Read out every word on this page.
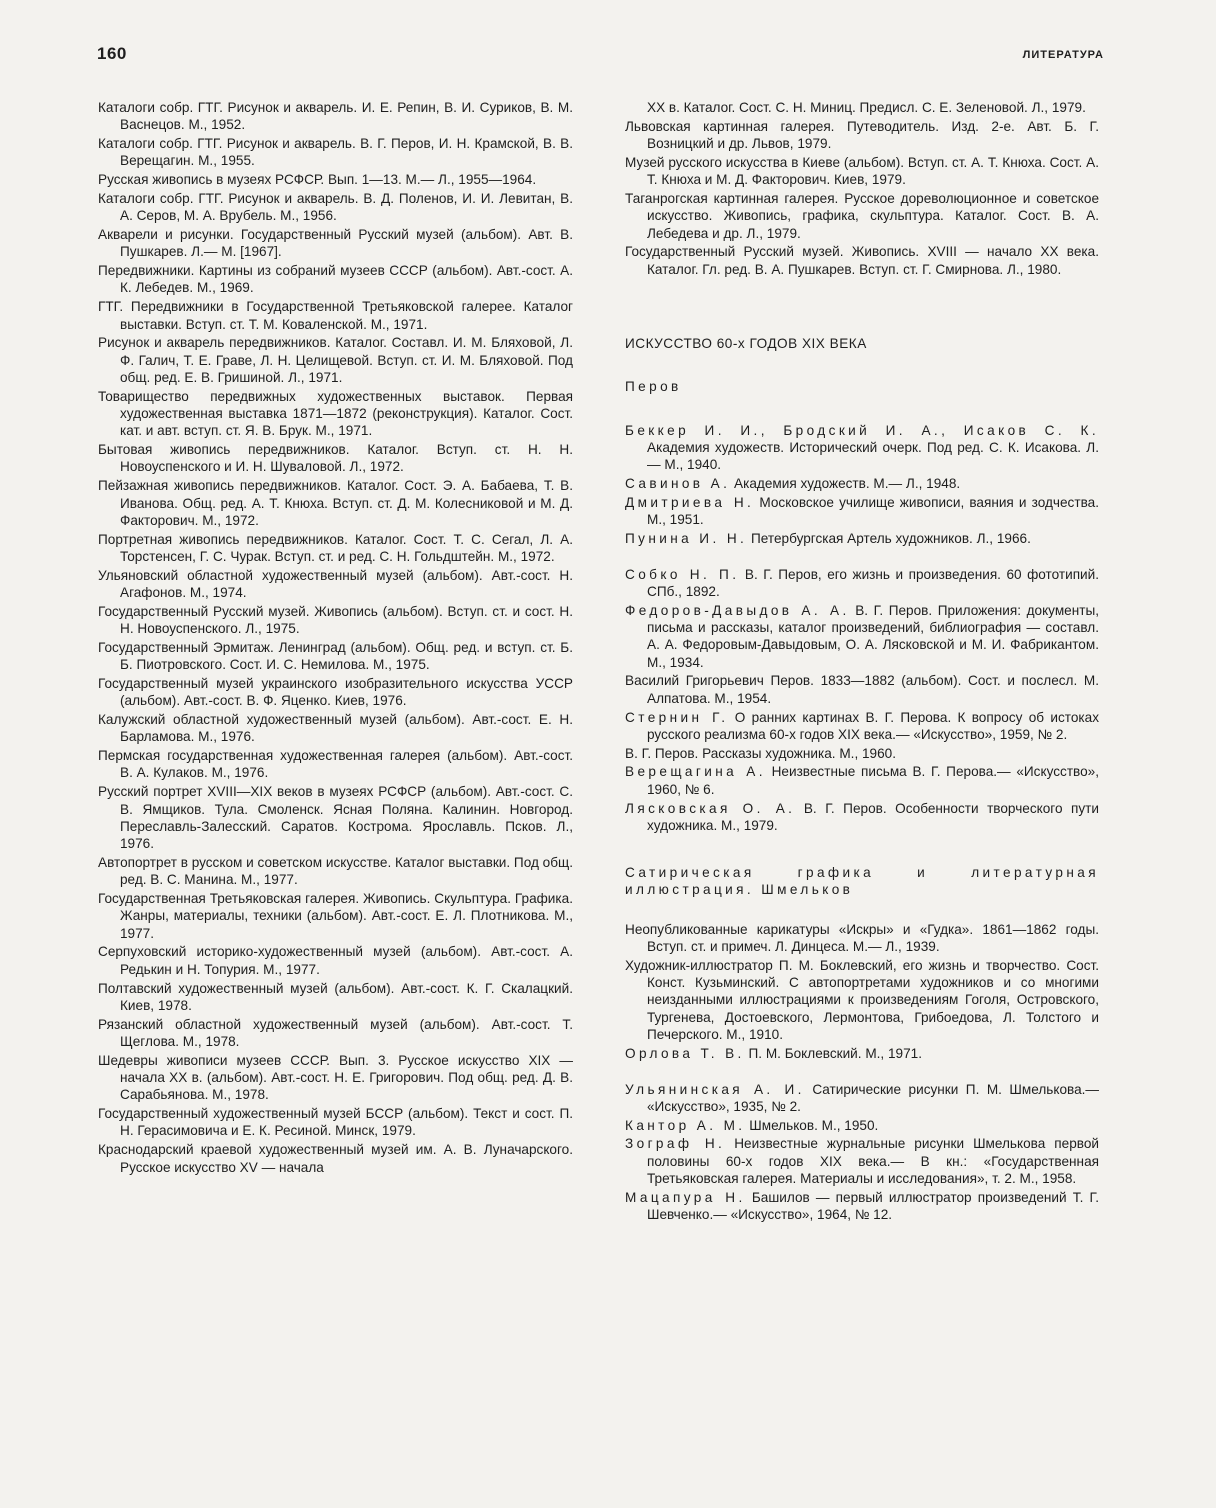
160	ЛИТЕРАТУРА

Каталоги собр. ГТГ. Рисунок и акварель. И. Е. Репин, В. И. Суриков, В. М. Васнецов. М., 1952.

Каталоги собр. ГТГ. Рисунок и акварель. В. Г. Перов, И. Н. Крамской, В. В. Верещагин. М., 1955.

Русская живопись в музеях РСФСР. Вып. 1—13. М.— Л., 1955—1964.

Каталоги собр. ГТГ. Рисунок и акварель. В. Д. Поленов, И. И. Левитан, В. А. Серов, М. А. Врубель. М., 1956.

Акварели и рисунки. Государственный Русский музей (альбом). Авт. В. Пушкарев. Л.— М. [1967].

Передвижники. Картины из собраний музеев СССР (альбом). Авт.-сост. А. К. Лебедев. М., 1969.

ГТГ. Передвижники в Государственной Третьяковской галерее. Каталог выставки. Вступ. ст. Т. М. Коваленской. М., 1971.

Рисунок и акварель передвижников. Каталог. Составл. И. М. Бляховой, Л. Ф. Галич, Т. Е. Граве, Л. Н. Целищевой. Вступ. ст. И. М. Бляховой. Под общ. ред. Е. В. Гришиной. Л., 1971.

Товарищество передвижных художественных выставок. Первая художественная выставка 1871—1872 (реконструкция). Каталог. Сост. кат. и авт. вступ. ст. Я. В. Брук. М., 1971.

Бытовая живопись передвижников. Каталог. Вступ. ст. Н. Н. Новоуспенского и И. Н. Шуваловой. Л., 1972.

Пейзажная живопись передвижников. Каталог. Сост. Э. А. Бабаева, Т. В. Иванова. Общ. ред. А. Т. Кнюха. Вступ. ст. Д. М. Колесниковой и М. Д. Факторович. М., 1972.

Портретная живопись передвижников. Каталог. Сост. Т. С. Сегал, Л. А. Торстенсен, Г. С. Чурак. Вступ. ст. и ред. С. Н. Гольдштейн. М., 1972.

Ульяновский областной художественный музей (альбом). Авт.-сост. Н. Агафонов. М., 1974.

Государственный Русский музей. Живопись (альбом). Вступ. ст. и сост. Н. Н. Новоуспенского. Л., 1975.

Государственный Эрмитаж. Ленинград (альбом). Общ. ред. и вступ. ст. Б. Б. Пиотровского. Сост. И. С. Немилова. М., 1975.

Государственный музей украинского изобразительного искусства УССР (альбом). Авт.-сост. В. Ф. Яценко. Киев, 1976.

Калужский областной художественный музей (альбом). Авт.-сост. Е. Н. Барламова. М., 1976.

Пермская государственная художественная галерея (альбом). Авт.-сост. В. А. Кулаков. М., 1976.

Русский портрет XVIII—XIX веков в музеях РСФСР (альбом). Авт.-сост. С. В. Ямщиков. Тула. Смоленск. Ясная Поляна. Калинин. Новгород. Переславль-Залесский. Саратов. Кострома. Ярославль. Псков. Л., 1976.

Автопортрет в русском и советском искусстве. Каталог выставки. Под общ. ред. В. С. Манина. М., 1977.

Государственная Третьяковская галерея. Живопись. Скульптура. Графика. Жанры, материалы, техники (альбом). Авт.-сост. Е. Л. Плотникова. М., 1977.

Серпуховский историко-художественный музей (альбом). Авт.-сост. А. Редькин и Н. Топурия. М., 1977.

Полтавский художественный музей (альбом). Авт.-сост. К. Г. Скалацкий. Киев, 1978.

Рязанский областной художественный музей (альбом). Авт.-сост. Т. Щеглова. М., 1978.

Шедевры живописи музеев СССР. Вып. 3. Русское искусство XIX — начала XX в. (альбом). Авт.-сост. Н. Е. Григорович. Под общ. ред. Д. В. Сарабьянова. М., 1978.

Государственный художественный музей БССР (альбом). Текст и сост. П. Н. Герасимовича и Е. К. Ресиной. Минск, 1979.

Краснодарский краевой художественный музей им. А. В. Луначарского. Русское искусство XV — начала

XX в. Каталог. Сост. С. Н. Миниц. Предисл. С. Е. Зеленовой. Л., 1979.

Львовская картинная галерея. Путеводитель. Изд. 2-е. Авт. Б. Г. Возницкий и др. Львов, 1979.

Музей русского искусства в Киеве (альбом). Вступ. ст. А. Т. Кнюха. Сост. А. Т. Кнюха и М. Д. Факторович. Киев, 1979.

Таганрогская картинная галерея. Русское дореволюционное и советское искусство. Живопись, графика, скульптура. Каталог. Сост. В. А. Лебедева и др. Л., 1979.

Государственный Русский музей. Живопись. XVIII — начало XX века. Каталог. Гл. ред. В. А. Пушкарев. Вступ. ст. Г. Смирнова. Л., 1980.

ИСКУССТВО 60-х ГОДОВ XIX ВЕКА
Перов

Беккер И. И., Бродский И. А., Исаков С. К. Академия художеств. Исторический очерк. Под ред. С. К. Исакова. Л.— М., 1940.

Савинов А. Академия художеств. М.— Л., 1948.

Дмитриева Н. Московское училище живописи, ваяния и зодчества. М., 1951.

Пунина И. Н. Петербургская Артель художников. Л., 1966.

Собко Н. П. В. Г. Перов, его жизнь и произведения. 60 фототипий. СПб., 1892.

Федоров-Давыдов А. А. В. Г. Перов. Приложения: документы, письма и рассказы, каталог произведений, библиография — составл. А. А. Федоровым-Давыдовым, О. А. Лясковской и М. И. Фабрикантом. М., 1934.

Василий Григорьевич Перов. 1833—1882 (альбом). Сост. и послесл. М. Алпатова. М., 1954.

Стернин Г. О ранних картинах В. Г. Перова. К вопросу об истоках русского реализма 60-х годов XIX века.— «Искусство», 1959, № 2.

В. Г. Перов. Рассказы художника. М., 1960.

Верещагина А. Неизвестные письма В. Г. Перова.— «Искусство», 1960, № 6.

Лясковская О. А. В. Г. Перов. Особенности творческого пути художника. М., 1979.

Сатирическая графика и литературная иллюстрация. Шмельков

Неопубликованные карикатуры «Искры» и «Гудка». 1861—1862 годы. Вступ. ст. и примеч. Л. Динцеса. М.— Л., 1939.

Художник-иллюстратор П. М. Боклевский, его жизнь и творчество. Сост. Конст. Кузьминский. С автопортретами художников и со многими неизданными иллюстрациями к произведениям Гоголя, Островского, Тургенева, Достоевского, Лермонтова, Грибоедова, Л. Толстого и Печерского. М., 1910.

Орлова Т. В. П. М. Боклевский. М., 1971.

Ульянинская А. И. Сатирические рисунки П. М. Шмелькова.— «Искусство», 1935, № 2.

Кантор А. М. Шмельков. М., 1950.

Зограф Н. Неизвестные журнальные рисунки Шмелькова первой половины 60-х годов XIX века.— В кн.: «Государственная Третьяковская галерея. Материалы и исследования», т. 2. М., 1958.

Мацапура Н. Башилов — первый иллюстратор произведений Т. Г. Шевченко.— «Искусство», 1964, № 12.
